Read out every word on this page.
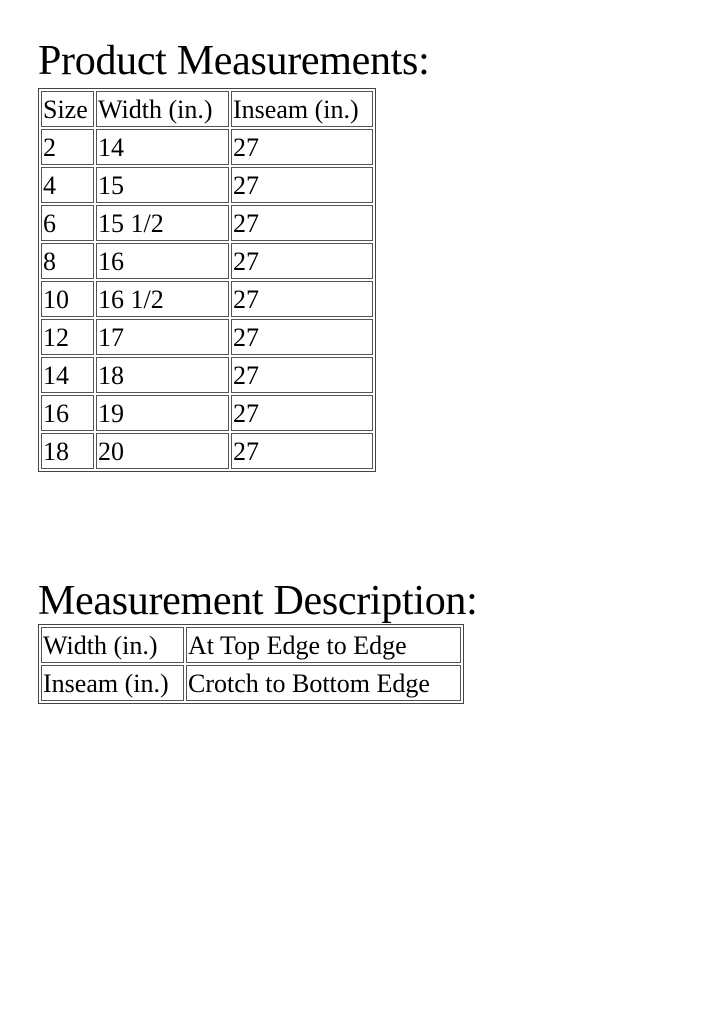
Product Measurements:
Size	Width (in.)	Inseam (in.)
2	14	27
4	15	27
6	15 1/2	27
8	16	27
10	16 1/2	27
12	17	27
14	18	27
16	19	27
18	20	27
Measurement Description:
Width (in.)	At Top Edge to Edge
Inseam (in.)	Crotch to Bottom Edge
